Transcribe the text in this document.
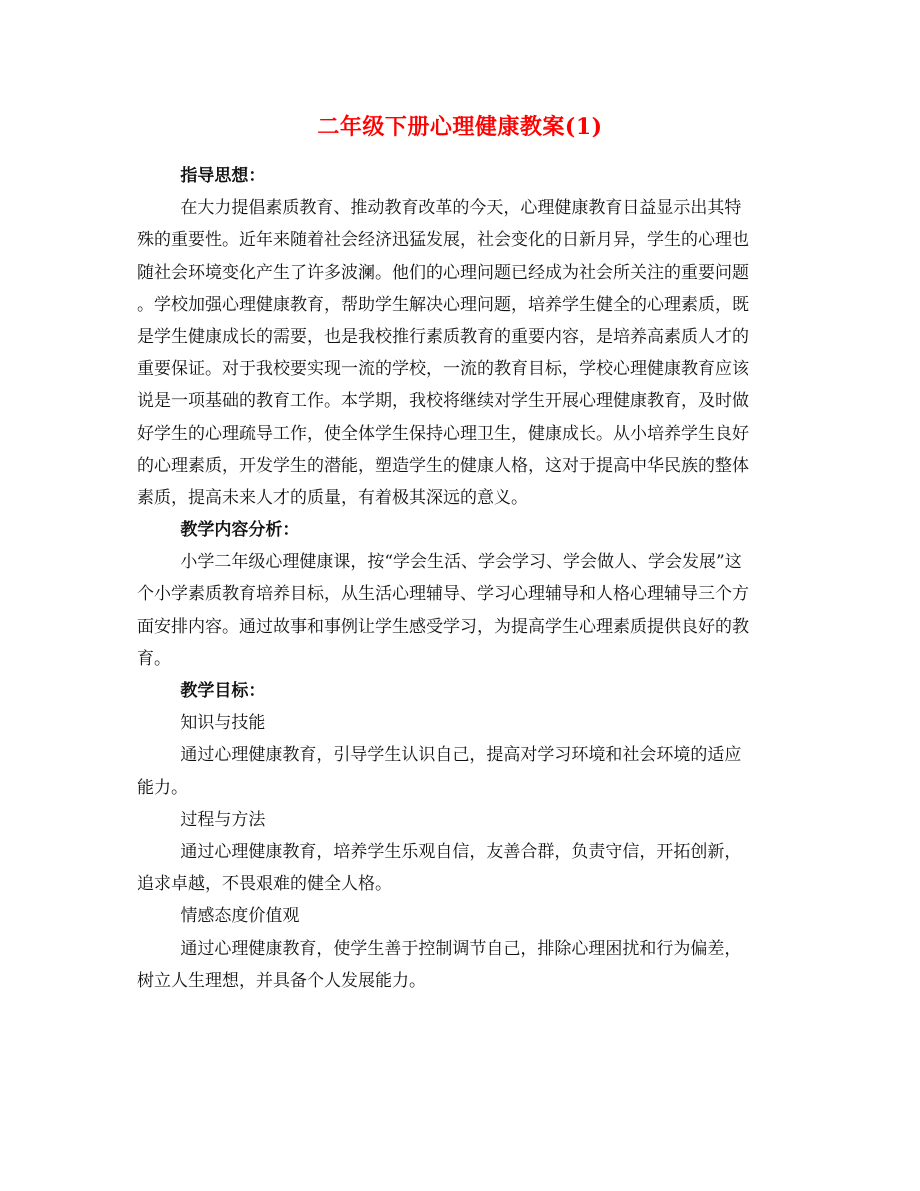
二年级下册心理健康教案(1)
指导思想：
在大力提倡素质教育、推动教育改革的今天，心理健康教育日益显示出其特
殊的重要性。近年来随着社会经济迅猛发展，社会变化的日新月异，学生的心理也
随社会环境变化产生了许多波澜。他们的心理问题已经成为社会所关注的重要问题
。学校加强心理健康教育，帮助学生解决心理问题，培养学生健全的心理素质，既
是学生健康成长的需要，也是我校推行素质教育的重要内容，是培养高素质人才的
重要保证。对于我校要实现一流的学校，一流的教育目标，学校心理健康教育应该
说是一项基础的教育工作。本学期，我校将继续对学生开展心理健康教育，及时做
好学生的心理疏导工作，使全体学生保持心理卫生，健康成长。从小培养学生良好
的心理素质，开发学生的潜能，塑造学生的健康人格，这对于提高中华民族的整体
素质，提高未来人才的质量，有着极其深远的意义。
教学内容分析：
小学二年级心理健康课，按“学会生活、学会学习、学会做人、学会发展”这
个小学素质教育培养目标，从生活心理辅导、学习心理辅导和人格心理辅导三个方
面安排内容。通过故事和事例让学生感受学习，为提高学生心理素质提供良好的教
育。
教学目标：
知识与技能
通过心理健康教育，引导学生认识自己，提高对学习环境和社会环境的适应
能力。
过程与方法
通过心理健康教育，培养学生乐观自信，友善合群，负责守信，开拓创新，
追求卓越，不畏艰难的健全人格。
情感态度价值观
通过心理健康教育，使学生善于控制调节自己，排除心理困扰和行为偏差，
树立人生理想，并具备个人发展能力。
